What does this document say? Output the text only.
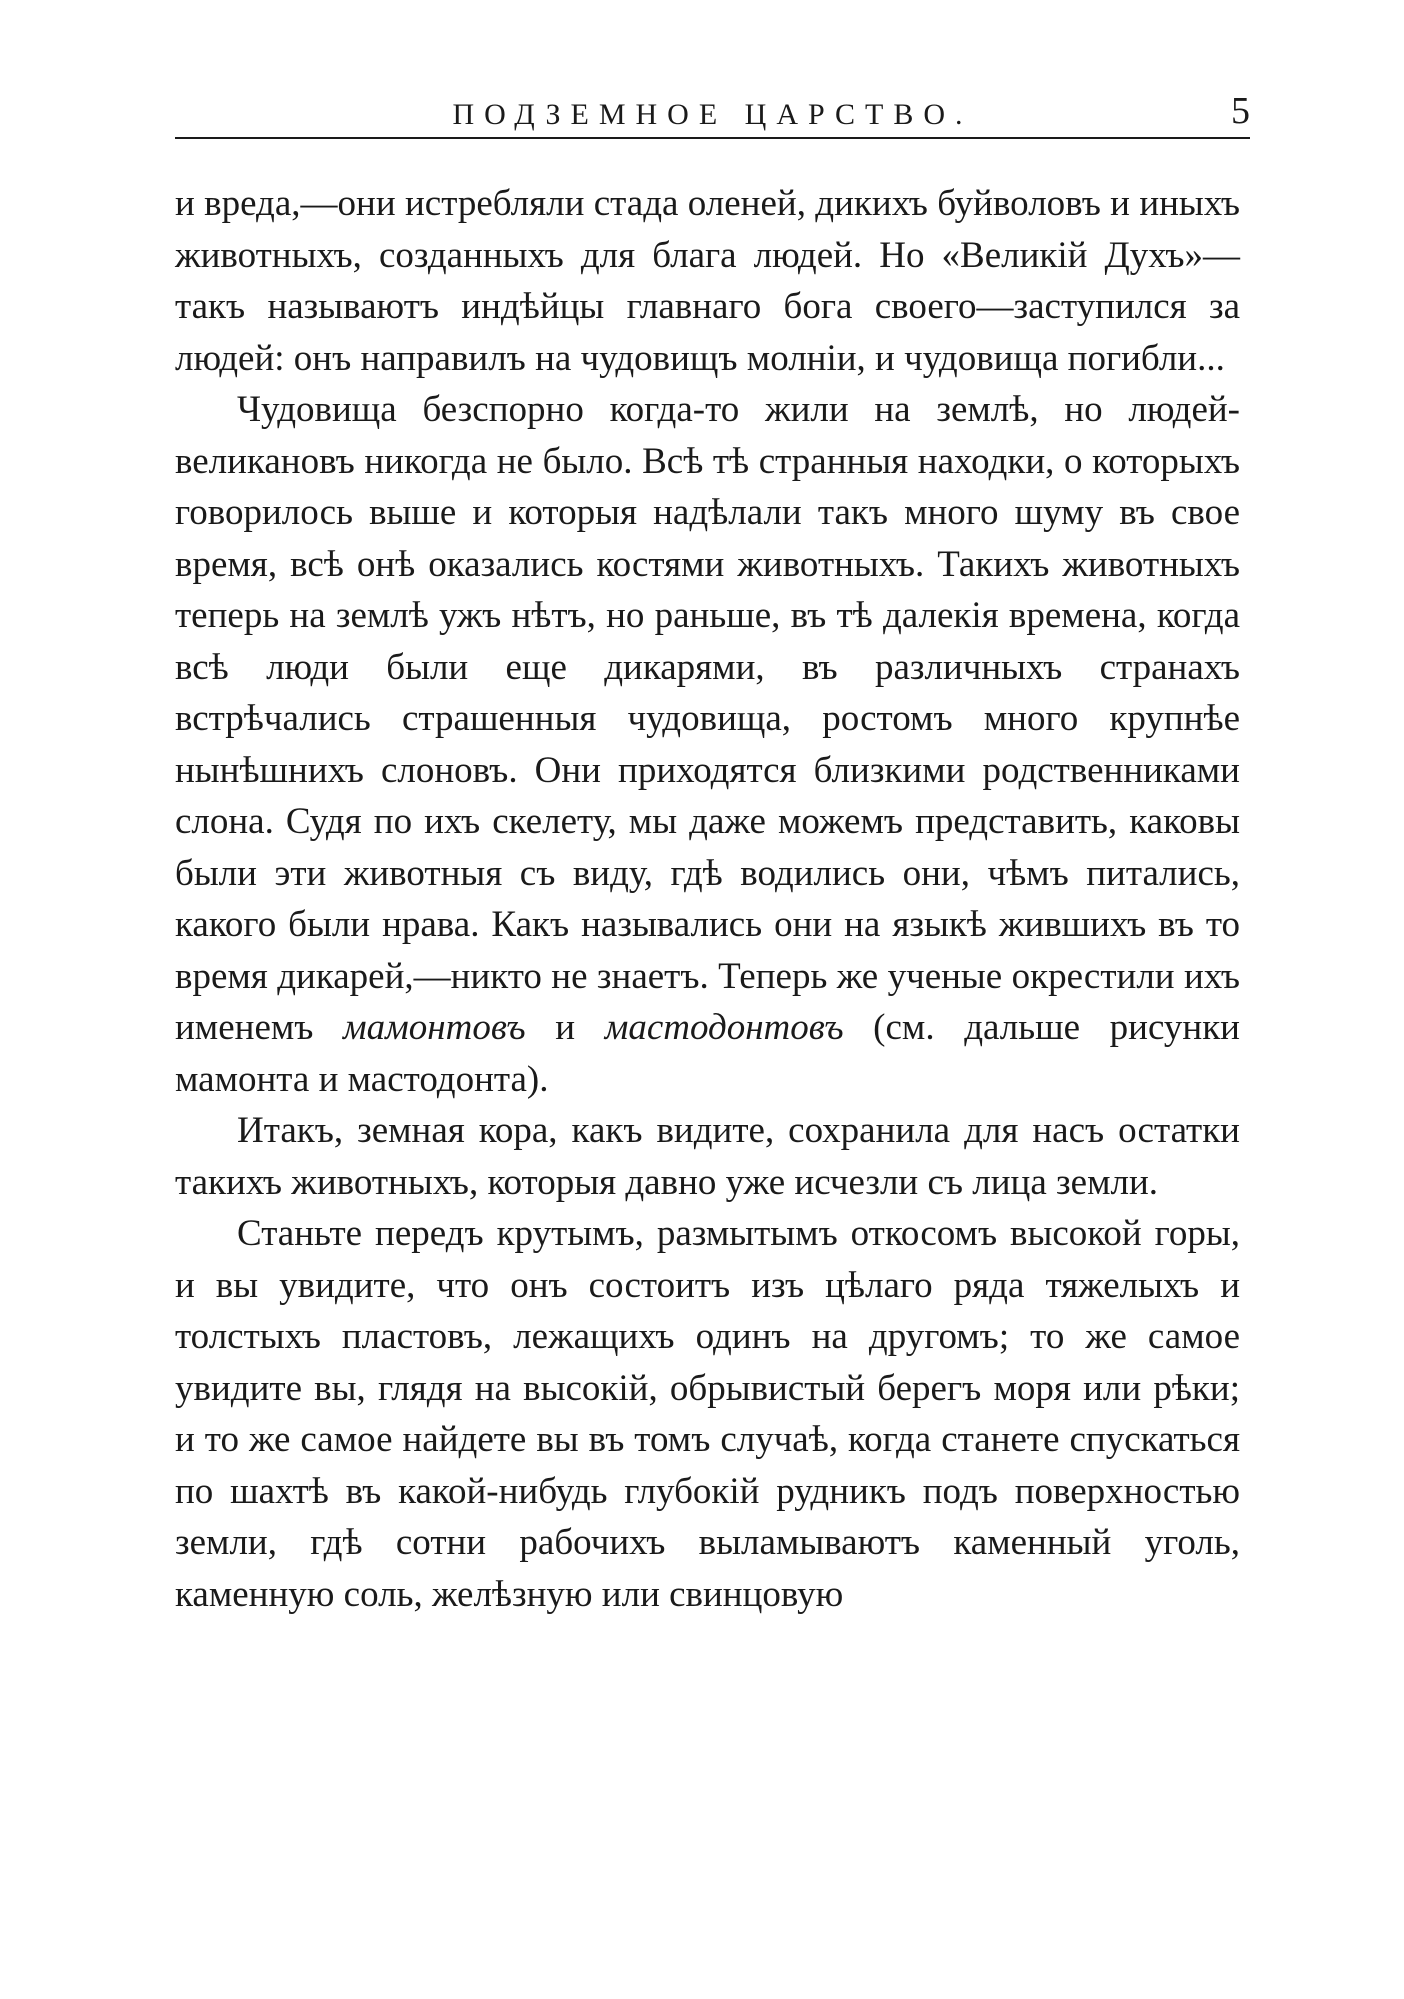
ПОДЗЕМНОЕ ЦАРСТВО.	5

и вреда,—они истребляли стада оленей, дикихъ буйволовъ и иныхъ животныхъ, созданныхъ для блага людей. Но «Великій Духъ»—такъ называютъ индѣйцы главнаго бога своего—заступился за людей: онъ направилъ на чудовищъ молніи, и чудовища погибли...

Чудовища безспорно когда-то жили на землѣ, но людей-великановъ никогда не было. Всѣ тѣ странныя находки, о которыхъ говорилось выше и которыя надѣлали такъ много шуму въ свое время, всѣ онѣ оказались костями животныхъ. Такихъ животныхъ теперь на землѣ ужъ нѣтъ, но раньше, въ тѣ далекія времена, когда всѣ люди были еще дикарями, въ различныхъ странахъ встрѣчались страшенныя чудовища, ростомъ много крупнѣе нынѣшнихъ слоновъ. Они приходятся близкими родственниками слона. Судя по ихъ скелету, мы даже можемъ представить, каковы были эти животныя съ виду, гдѣ водились они, чѣмъ питались, какого были нрава. Какъ назывались они на языкѣ жившихъ въ то время дикарей,—никто не знаетъ. Теперь же ученые окрестили ихъ именемъ мамонтовъ и мастодонтовъ (см. дальше рисунки мамонта и мастодонта).

Итакъ, земная кора, какъ видите, сохранила для насъ остатки такихъ животныхъ, которыя давно уже исчезли съ лица земли.

Станьте передъ крутымъ, размытымъ откосомъ высокой горы, и вы увидите, что онъ состоитъ изъ цѣлаго ряда тяжелыхъ и толстыхъ пластовъ, лежащихъ одинъ на другомъ; то же самое увидите вы, глядя на высокій, обрывистый берегъ моря или рѣки; и то же самое найдете вы въ томъ случаѣ, когда станете спускаться по шахтѣ въ какой-нибудь глубокій рудникъ подъ поверхностью земли, гдѣ сотни рабочихъ выламываютъ каменный уголь, каменную соль, желѣзную или свинцовую
